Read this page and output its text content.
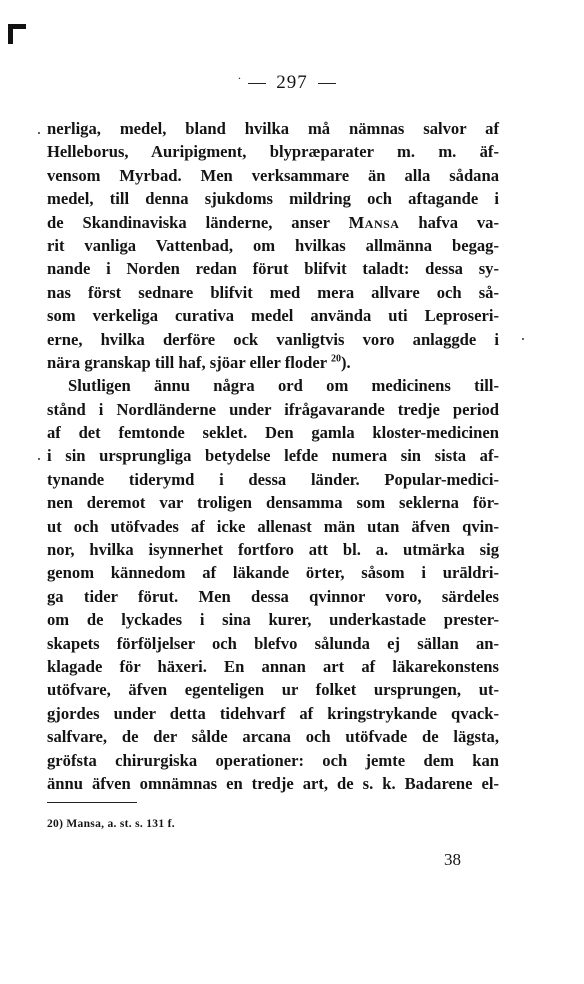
. 297
nerliga, medel, bland hvilka må nämnas salvor af
Helleborus, Auripigment, blypræparater m. m. äf-
vensom Myrbad. Men verksammare än alla sådana
medel, till denna sjukdoms mildring och aftagande i
de Skandinaviska länderne, anser Mansa hafva va-
rit vanliga Vattenbad, om hvilkas allmänna begag-
nande i Norden redan förut blifvit taladt: dessa sy-
nas först sednare blifvit med mera allvare och så-
som verkeliga curativa medel använda uti Leproseri-
erne, hvilka derföre ock vanligtvis voro anlaggde i
nära granskap till haf, sjöar eller floder $^{20}$).
Slutligen ännu några ord om medicinens till-
stånd i Nordländerne under ifrågavarande tredje period
af det femtonde seklet. Den gamla kloster-medicinen
i sin ursprungliga betydelse lefde numera sin sista af-
tynande tiderymd i dessa länder. Popular-medici-
nen deremot var troligen densamma som seklerna för-
ut och utöfvades af icke allenast män utan äfven qvin-
nor, hvilka isynnerhet fortforo att bl. a. utmärka sig
genom kännedom af läkande örter, såsom i urāldri-
ga tider förut. Men dessa qvinnor voro, särdeles
om de lyckades i sina kurer, underkastade prester-
skapets förföljelser och blefvo sålunda ej sällan an-
klagade för häxeri. En annan art af läkarekonstens
utöfvare, äfven egenteligen ur folket ursprungen, ut-
gjordes under detta tidehvarf af kringstrykande qvack-
salfvare, de der sålde arcana och utöfvade de lägsta,
gröfsta chirurgiska operationer: och jemte dem kan
ännu äfven omnämnas en tredje art, de s. k. Badarene el-
20) Mansa, a. st. s. 131 f.
38
